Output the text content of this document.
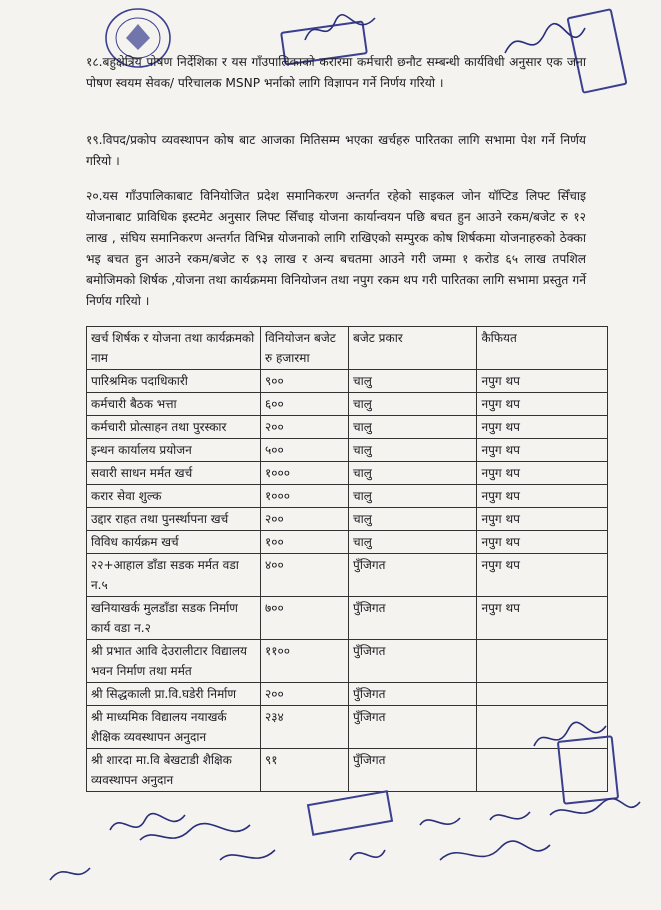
१८.बहुक्षेत्रिय पोषण निर्देशिका र यस गाँउपालिकाको करारमा कर्मचारी छनौट सम्बन्धी कार्यविधी अनुसार एक जना पोषण स्वयम सेवक/ परिचालक MSNP भर्नाको लागि विज्ञापन गर्ने निर्णय गरियो ।

१९.विपद/प्रकोप व्यवस्थापन कोष बाट आजका मितिसम्म भएका खर्चहरु पारितका लागि सभामा पेश गर्ने निर्णय गरियो ।

२०.यस गाँउपालिकाबाट विनियोजित प्रदेश समानिकरण अन्तर्गत रहेको साइकल जोन यॉप्टिड लिफ्ट सिँचाइ योजनाबाट प्राविधिक इस्टमेट अनुसार लिफ्ट सिँचाइ योजना कार्यान्वयन पछि बचत हुन आउने रकम/बजेट रु १२ लाख , संघिय समानिकरण अन्तर्गत विभिन्न योजनाको लागि राखिएको सम्पुरक कोष शिर्षकमा योजनाहरुको ठेक्का भइ बचत हुन आउने रकम/बजेट रु ९३ लाख र अन्य बचतमा आउने गरी जम्मा १ करोड ६५ लाख तपशिल बमोजिमको शिर्षक ,योजना तथा कार्यक्रममा विनियोजन तथा नपुग रकम थप गरी पारितका लागि सभामा प्रस्तुत गर्ने निर्णय गरियो ।

खर्च शिर्षक र योजना तथा कार्यक्रमको नाम	विनियोजन बजेट रु हजारमा	बजेट प्रकार	कैफियत
पारिश्रमिक पदाधिकारी	९००	चालु	नपुग थप
कर्मचारी बैठक भत्ता	६००	चालु	नपुग थप
कर्मचारी प्रोत्साहन तथा पुरस्कार	२००	चालु	नपुग थप
इन्धन कार्यालय प्रयोजन	५००	चालु	नपुग थप
सवारी साधन मर्मत खर्च	१०००	चालु	नपुग थप
करार सेवा शुल्क	१०००	चालु	नपुग थप
उद्दार राहत तथा पुनर्स्थापना खर्च	२००	चालु	नपुग थप
विविध कार्यक्रम खर्च	१००	चालु	नपुग थप
२२+आहाल डाँडा सडक मर्मत वडा न.५	४००	पुँजिगत	नपुग थप
खनियाखर्क मुलडाँडा सडक निर्माण कार्य वडा न.२	७००	पुँजिगत	नपुग थप
श्री प्रभात आवि देउरालीटार विद्यालय भवन निर्माण तथा मर्मत	११००	पुँजिगत	
श्री सिद्धकाली प्रा.वि.घडेरी निर्माण	२००	पुँजिगत	
श्री माध्यमिक विद्यालय नयाखर्क शैक्षिक व्यवस्थापन अनुदान	२३४	पुँजिगत	
श्री शारदा मा.वि बेखटाडी शैक्षिक व्यवस्थापन अनुदान	९१	पुँजिगत	
